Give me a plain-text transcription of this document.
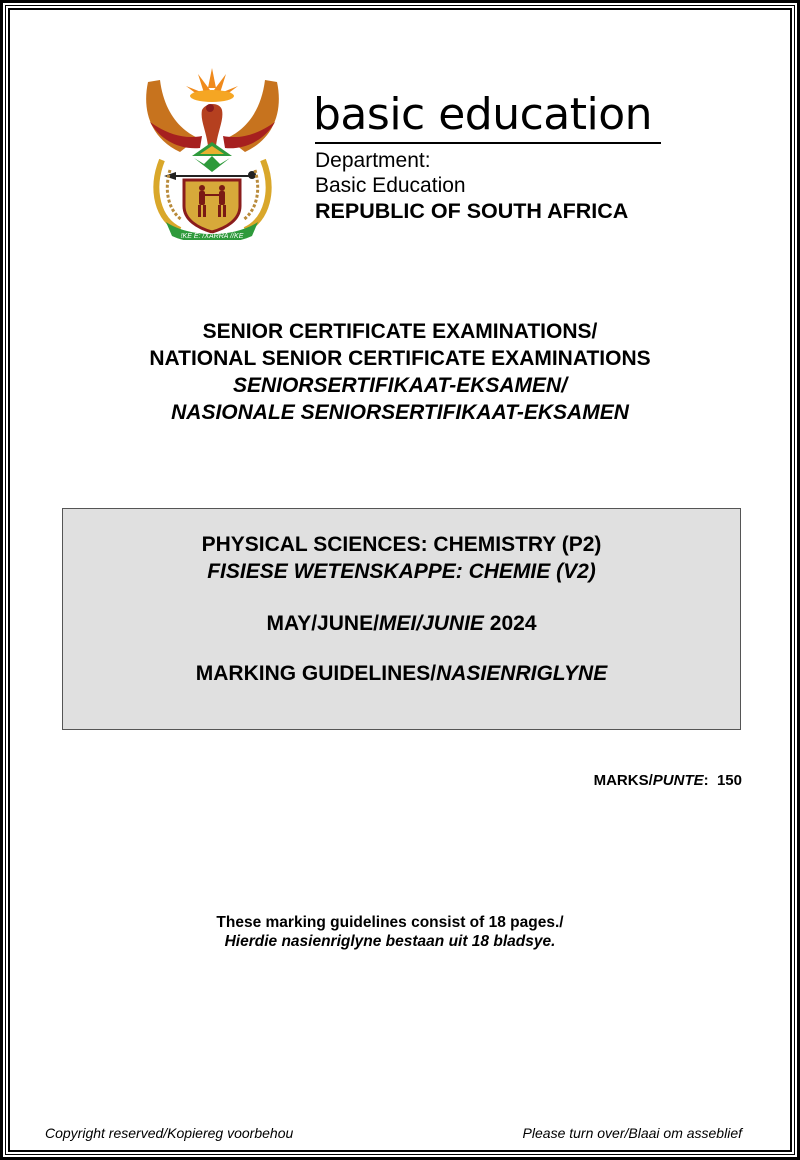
!KE E: /XARRA //KE
basic education
Department:
Basic Education
REPUBLIC OF SOUTH AFRICA
SENIOR CERTIFICATE EXAMINATIONS/
NATIONAL SENIOR CERTIFICATE EXAMINATIONS
SENIORSERTIFIKAAT-EKSAMEN/
NASIONALE SENIORSERTIFIKAAT-EKSAMEN
PHYSICAL SCIENCES: CHEMISTRY (P2)
FISIESE WETENSKAPPE: CHEMIE (V2)
MAY/JUNE/MEI/JUNIE 2024
MARKING GUIDELINES/NASIENRIGLYNE
MARKS/PUNTE:  150
These marking guidelines consist of 18 pages./
Hierdie nasienriglyne bestaan uit 18 bladsye.
Copyright reserved/Kopiereg voorbehou	Please turn over/Blaai om asseblief
